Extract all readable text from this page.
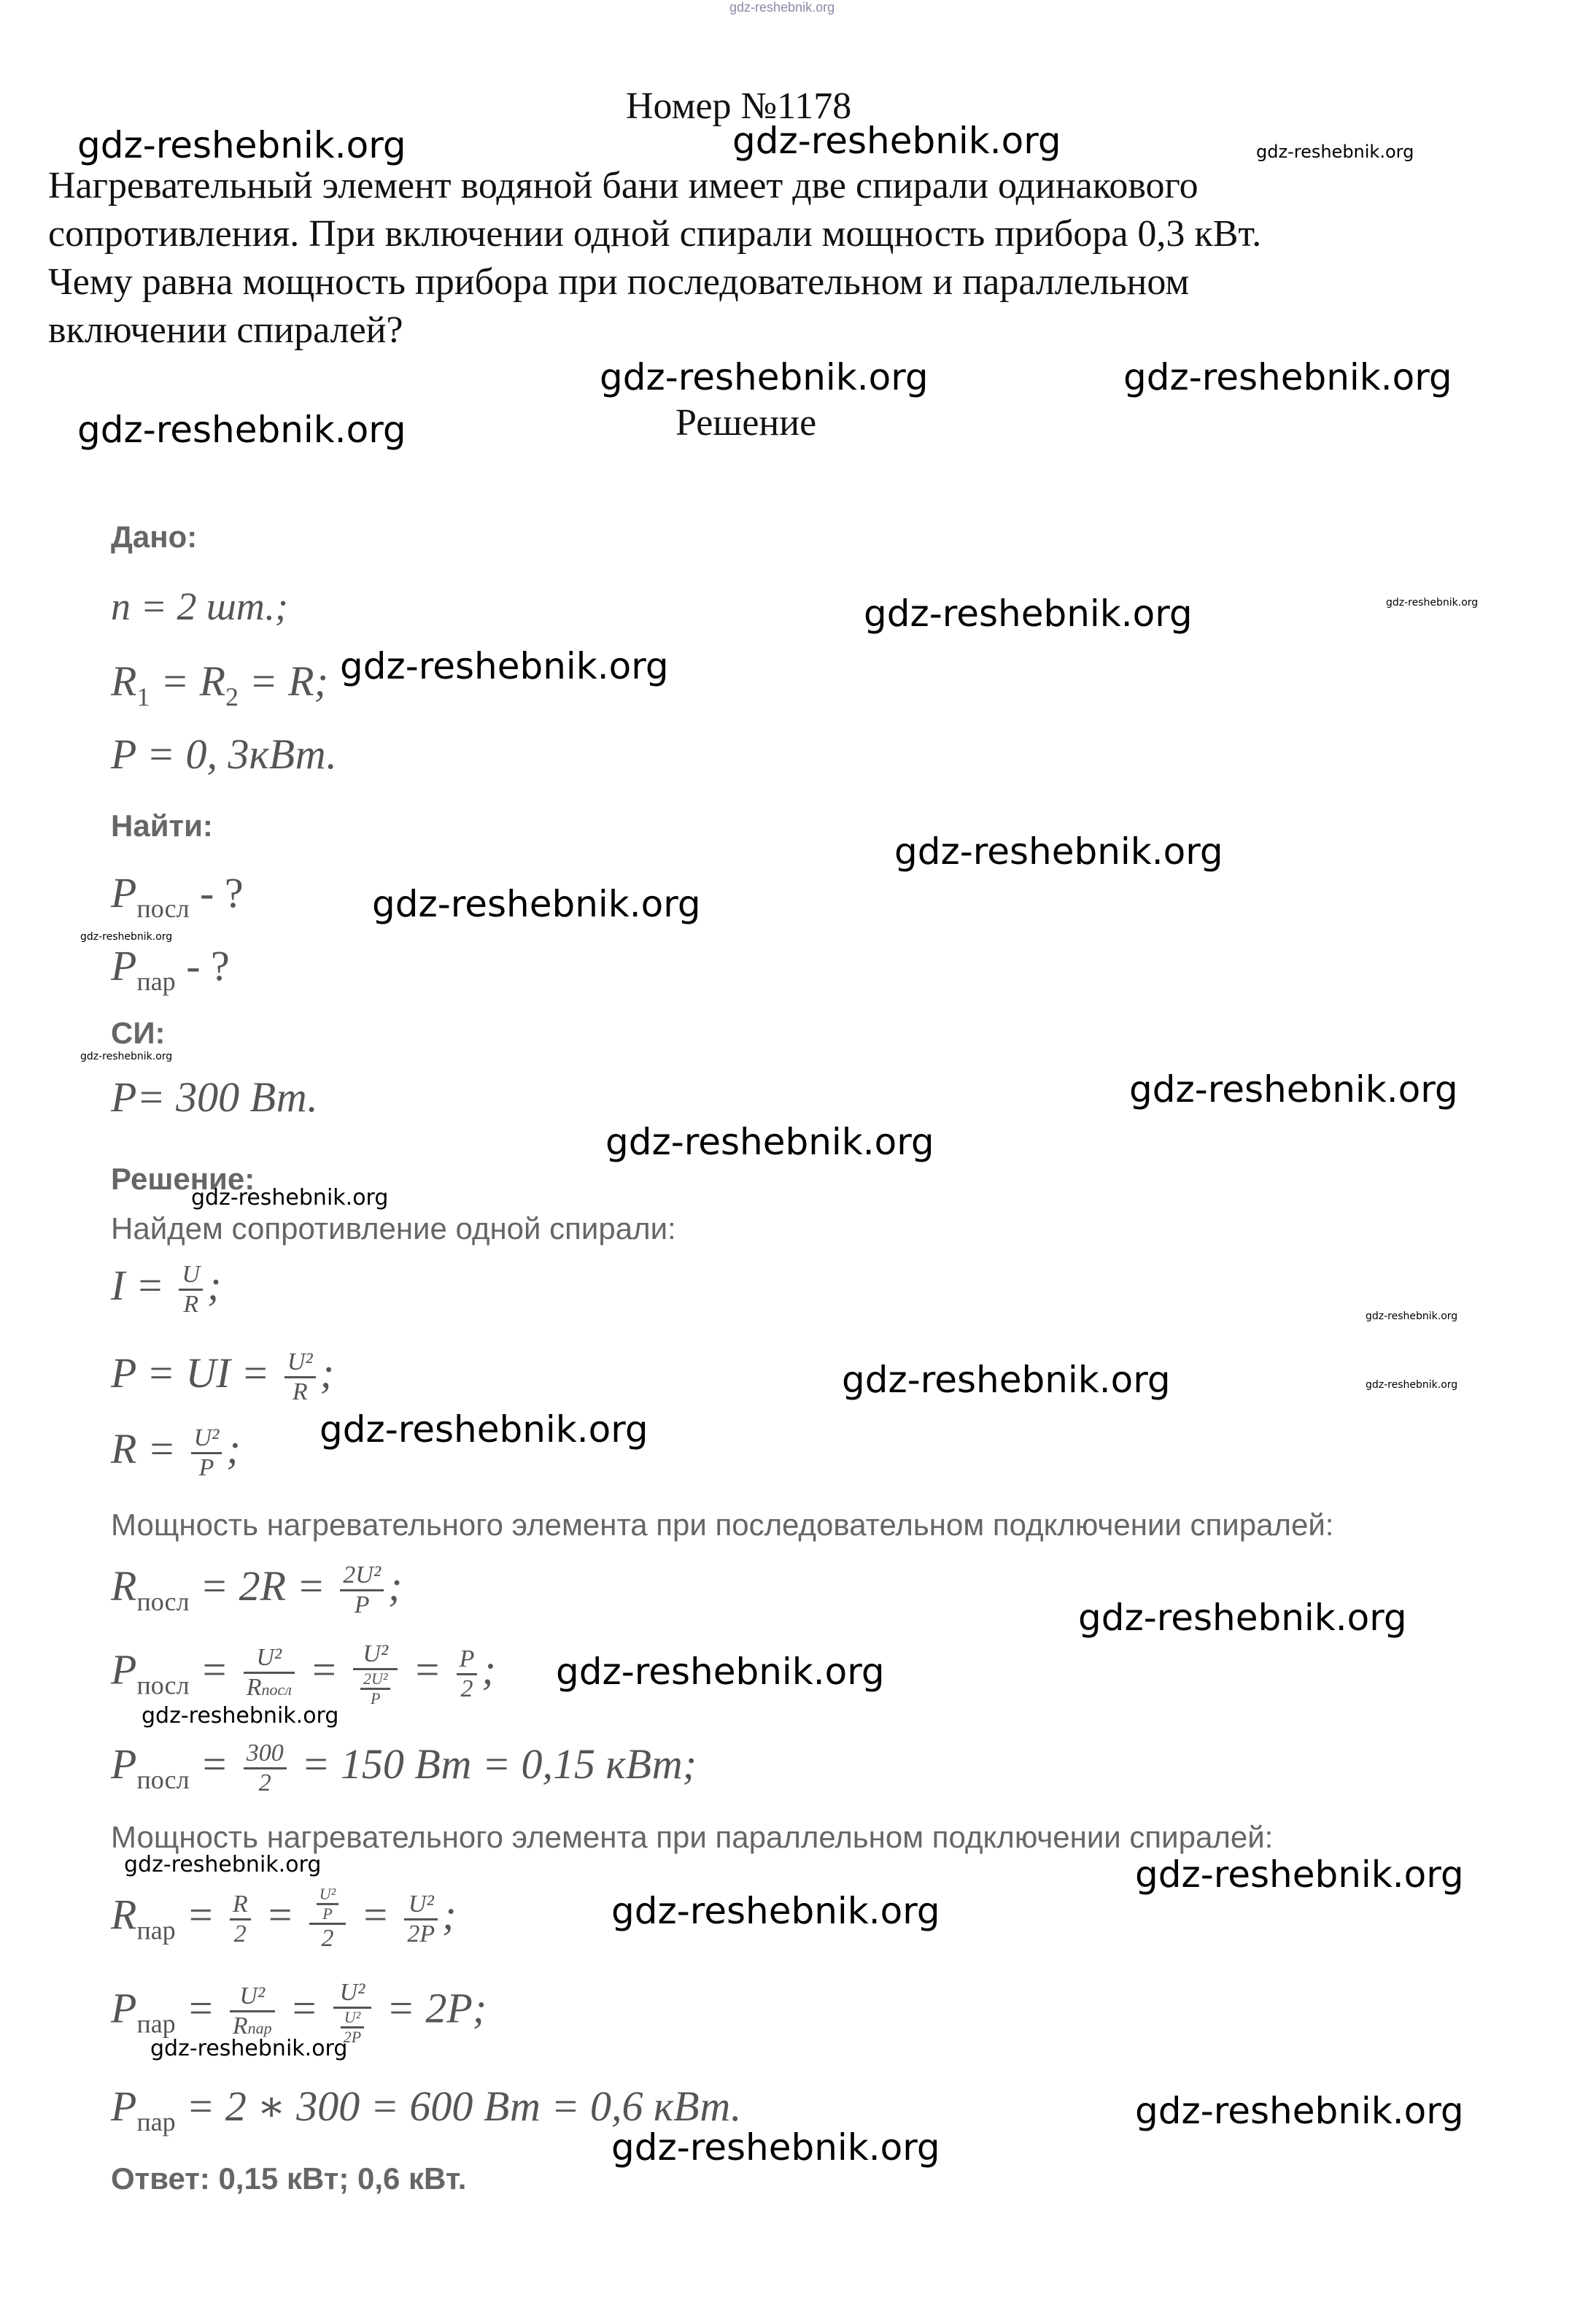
gdz-reshebnik.org
Номер №1178

Нагревательный элемент водяной бани имеет две спирали одинакового

сопротивления. При включении одной спирали мощность прибора 0,3 кВт.

Чему равна мощность прибора при последовательном и параллельном

включении спиралей?

Решение
Дано:
n = 2 шт.;
$R_1 = R_2 = R$;
P = 0, 3кВт.
Найти:
$P_{посл}$ - ?
$P_{пар}$ - ?
СИ:
P= 300 Вт.
Решение:
Найдем сопротивление одной спирали:
$I = \frac{U}{R}$ ;
P = UI = $\frac{\text{U²}}{R}$ ;
$R = \frac{\text{U²}}{P}$ ;
Мощность нагревательного элемента при последовательном подключении спиралей:
$R_{посл} = 2R = \frac{\text{2U²}}{P}$ ;
$P_{посл} = \frac{\text{U²}}{\text{Rпосл}} = \frac{\text{U²}}{\frac{\text{2U²}}{P}} = \frac{P}{2}$ ;
$P_{посл} = \frac{300}{2} = 150$ Вт = 0,15 кВт;
Мощность нагревательного элемента при параллельном подключении спиралей:
$R_{пар} = \frac{R}{2} = \frac{\frac{\text{U²}}{P}}{2} = \frac{\text{U²}}{2P}$ ;
$P_{пар} = \frac{\text{U²}}{\text{Rпар}} = \frac{\text{U²}}{\frac{\text{U²}}{2P}} = 2P$;
$P_{пар} = 2$ ∗ 300 = 600 Вт = 0,6 кВт.
Ответ: 0,15 кВт; 0,6 кВт.
gdz-reshebnik.org	gdz-reshebnik.org	gdz-reshebnik.org
gdz-reshebnik.org	gdz-reshebnik.org
gdz-reshebnik.org
gdz-reshebnik.org	gdz-reshebnik.org
gdz-reshebnik.org
gdz-reshebnik.org
gdz-reshebnik.org
gdz-reshebnik.org
gdz-reshebnik.org
gdz-reshebnik.org
gdz-reshebnik.org
gdz-reshebnik.org
gdz-reshebnik.org
gdz-reshebnik.org	gdz-reshebnik.org
gdz-reshebnik.org
gdz-reshebnik.org
gdz-reshebnik.org
gdz-reshebnik.org
gdz-reshebnik.org	gdz-reshebnik.org
gdz-reshebnik.org
gdz-reshebnik.org
gdz-reshebnik.org
gdz-reshebnik.org
